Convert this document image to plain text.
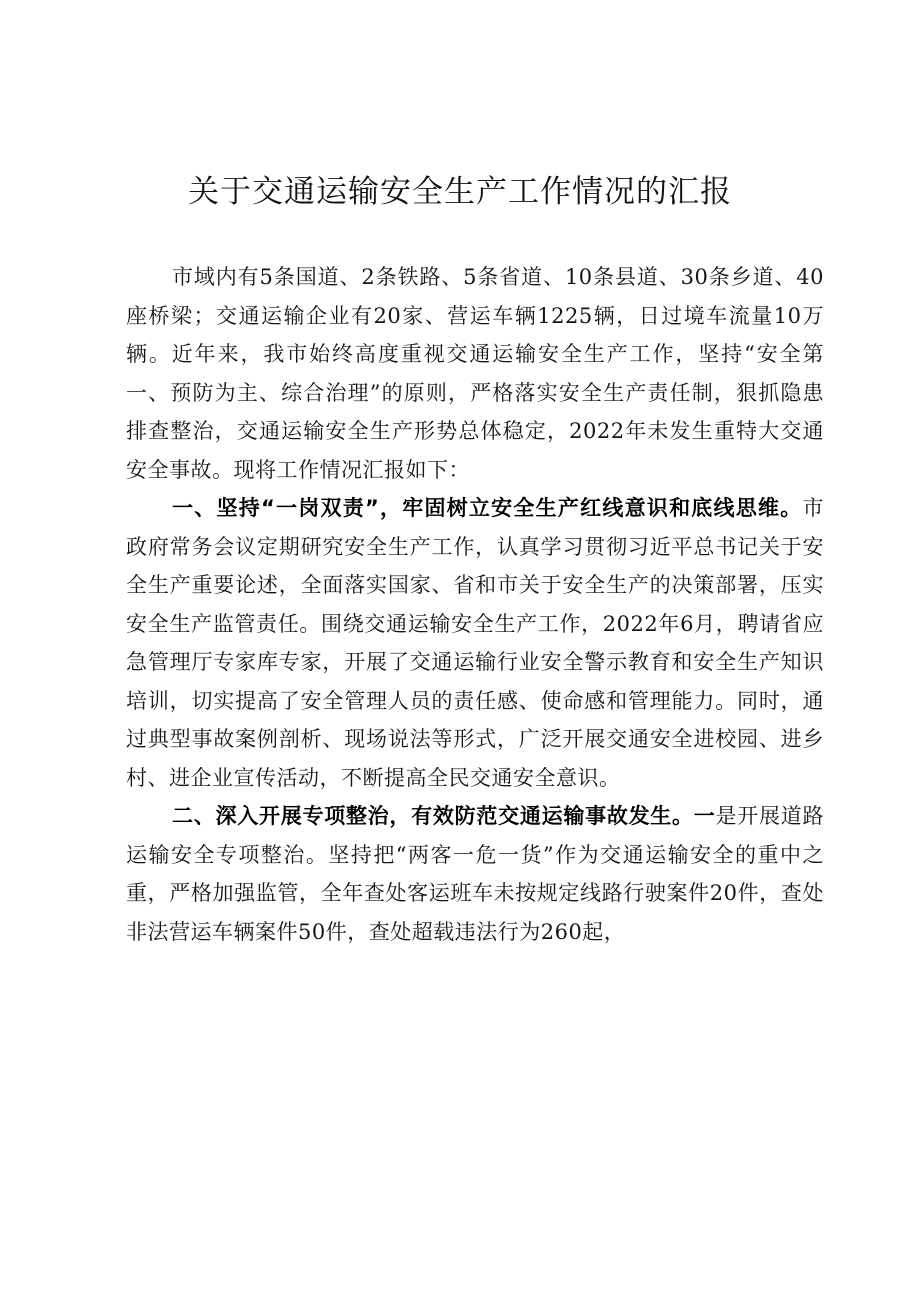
关于交通运输安全生产工作情况的汇报

市域内有5条国道、2条铁路、5条省道、10条县道、30条乡道、40座桥梁；交通运输企业有20家、营运车辆1225辆，日过境车流量10万辆。近年来，我市始终高度重视交通运输安全生产工作，坚持“安全第一、预防为主、综合治理”的原则，严格落实安全生产责任制，狠抓隐患排查整治，交通运输安全生产形势总体稳定，2022年未发生重特大交通安全事故。现将工作情况汇报如下：

一、坚持“一岗双责”，牢固树立安全生产红线意识和底线思维。市政府常务会议定期研究安全生产工作，认真学习贯彻习近平总书记关于安全生产重要论述，全面落实国家、省和市关于安全生产的决策部署，压实安全生产监管责任。围绕交通运输安全生产工作，2022年6月，聘请省应急管理厅专家库专家，开展了交通运输行业安全警示教育和安全生产知识培训，切实提高了安全管理人员的责任感、使命感和管理能力。同时，通过典型事故案例剖析、现场说法等形式，广泛开展交通安全进校园、进乡村、进企业宣传活动，不断提高全民交通安全意识。

二、深入开展专项整治，有效防范交通运输事故发生。一是开展道路运输安全专项整治。坚持把“两客一危一货”作为交通运输安全的重中之重，严格加强监管，全年查处客运班车未按规定线路行驶案件20件，查处非法营运车辆案件50件，查处超载违法行为260起，
